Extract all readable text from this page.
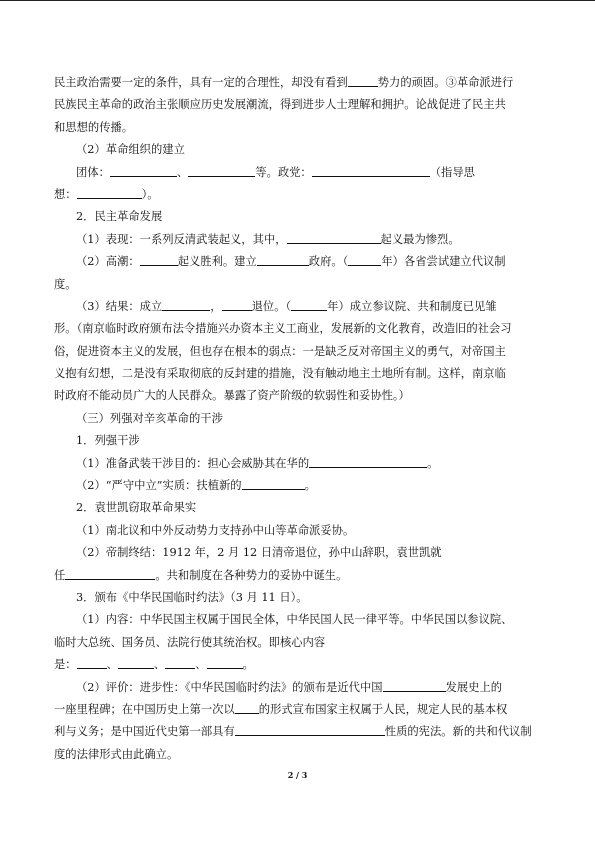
民主政治需要一定的条件，具有一定的合理性，却没有看到	势力的顽固。③革命派进行
民族民主革命的政治主张顺应历史发展潮流，得到进步人士理解和拥护。论战促进了民主共
和思想的传播。
（2）革命组织的建立
团体：	、	等。政党：	（指导思
想：	）。
2．民主革命发展
（1）表现：一系列反清武装起义，其中，	起义最为惨烈。
（2）高潮：	起义胜利。建立	政府。（	年）各省尝试建立代议制
度。
（3）结果：成立	，	退位。（	年）成立参议院、共和制度已见雏
形。（南京临时政府颁布法令措施兴办资本主义工商业，发展新的文化教育，改造旧的社会习
俗，促进资本主义的发展，但也存在根本的弱点：一是缺乏反对帝国主义的勇气，对帝国主
义抱有幻想，二是没有采取彻底的反封建的措施，没有触动地主土地所有制。这样，南京临
时政府不能动员广大的人民群众。暴露了资产阶级的软弱性和妥协性。）
（三）列强对辛亥革命的干涉
1．列强干涉
（1）准备武装干涉目的：担心会威胁其在华的	。
（2）“严守中立”实质：扶植新的	。
2．袁世凯窃取革命果实
（1）南北议和中外反动势力支持孙中山等革命派妥协。
（2）帝制终结：1912 年，2 月 12 日清帝退位，孙中山辞职，袁世凯就
任	。共和制度在各种势力的妥协中诞生。
3．颁布《中华民国临时约法》（3 月 11 日）。
（1）内容：中华民国主权属于国民全体，中华民国人民一律平等。中华民国以参议院、
临时大总统、国务员、法院行使其统治权。即核心内容
是：	、	、	、	。
（2）评价：进步性：《中华民国临时约法》的颁布是近代中国	发展史上的
一座里程碑；在中国历史上第一次以 的形式宣布国家主权属于人民，规定人民的基本权
利与义务；是中国近代史第一部具有	性质的宪法。新的共和代议制
度的法律形式由此确立。
2 / 3
